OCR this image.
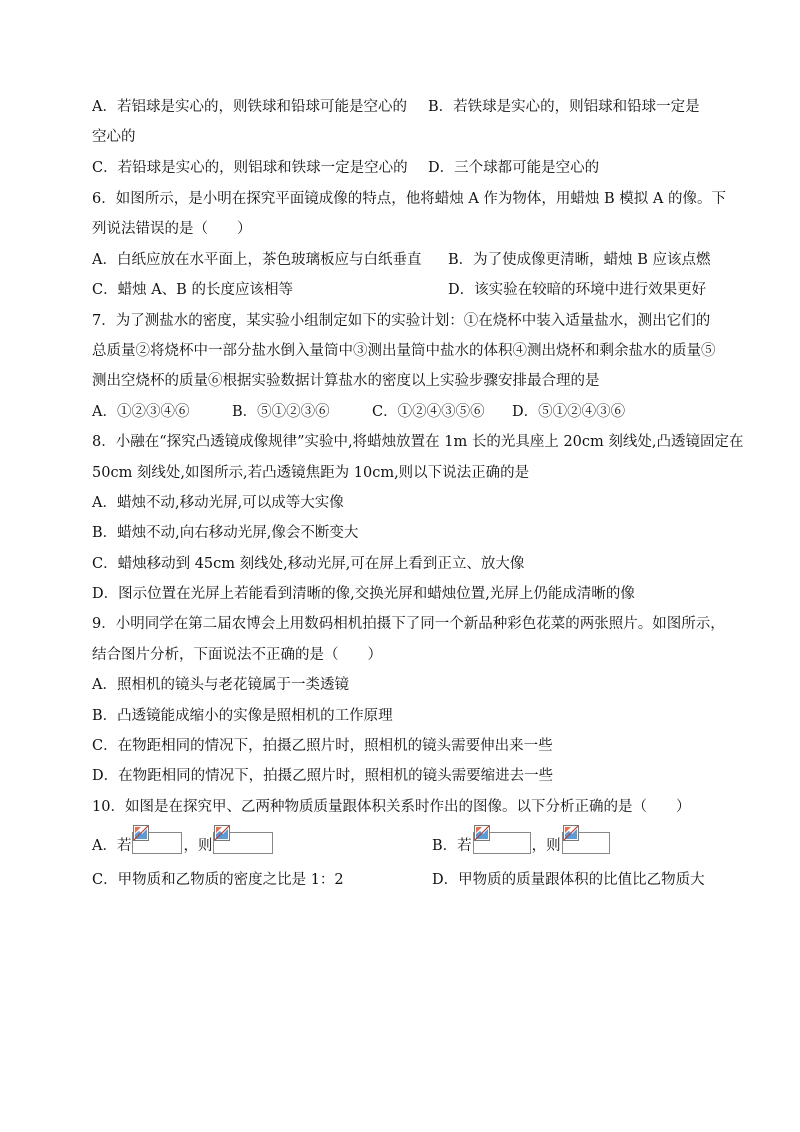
A．若铝球是实心的，则铁球和铅球可能是空心的 B．若铁球是实心的，则铝球和铅球一定是
空心的
C．若铅球是实心的，则铝球和铁球一定是空心的 D．三个球都可能是空心的
6．如图所示，是小明在探究平面镜成像的特点，他将蜡烛 A 作为物体，用蜡烛 B 模拟 A 的像。下
列说法错误的是（　　）
A．白纸应放在水平面上，茶色玻璃板应与白纸垂直 B．为了使成像更清晰，蜡烛 B 应该点燃
C．蜡烛 A、B 的长度应该相等	D．该实验在较暗的环境中进行效果更好
7．为了测盐水的密度，某实验小组制定如下的实验计划：①在烧杯中装入适量盐水，测出它们的
总质量②将烧杯中一部分盐水倒入量筒中③测出量筒中盐水的体积④测出烧杯和剩余盐水的质量⑤
测出空烧杯的质量⑥根据实验数据计算盐水的密度以上实验步骤安排最合理的是
A．①②③④⑥	B．⑤①②③⑥	C．①②④③⑤⑥ D．⑤①②④③⑥
8．小融在“探究凸透镜成像规律”实验中,将蜡烛放置在 1m 长的光具座上 20cm 刻线处,凸透镜固定在
50cm 刻线处,如图所示,若凸透镜焦距为 10cm,则以下说法正确的是
A．蜡烛不动,移动光屏,可以成等大实像
B．蜡烛不动,向右移动光屏,像会不断变大
C．蜡烛移动到 45cm 刻线处,移动光屏,可在屏上看到正立、放大像
D．图示位置在光屏上若能看到清晰的像,交换光屏和蜡烛位置,光屏上仍能成清晰的像
9．小明同学在第二届农博会上用数码相机拍摄下了同一个新品种彩色花菜的两张照片。如图所示，
结合图片分析，下面说法不正确的是（　　）
A．照相机的镜头与老花镜属于一类透镜
B．凸透镜能成缩小的实像是照相机的工作原理
C．在物距相同的情况下，拍摄乙照片时，照相机的镜头需要伸出来一些
D．在物距相同的情况下，拍摄乙照片时，照相机的镜头需要缩进去一些
10．如图是在探究甲、乙两种物质质量跟体积关系时作出的图像。以下分析正确的是（　　）
A．若	，则	B．若	，则
C．甲物质和乙物质的密度之比是 1：2	D．甲物质的质量跟体积的比值比乙物质大
